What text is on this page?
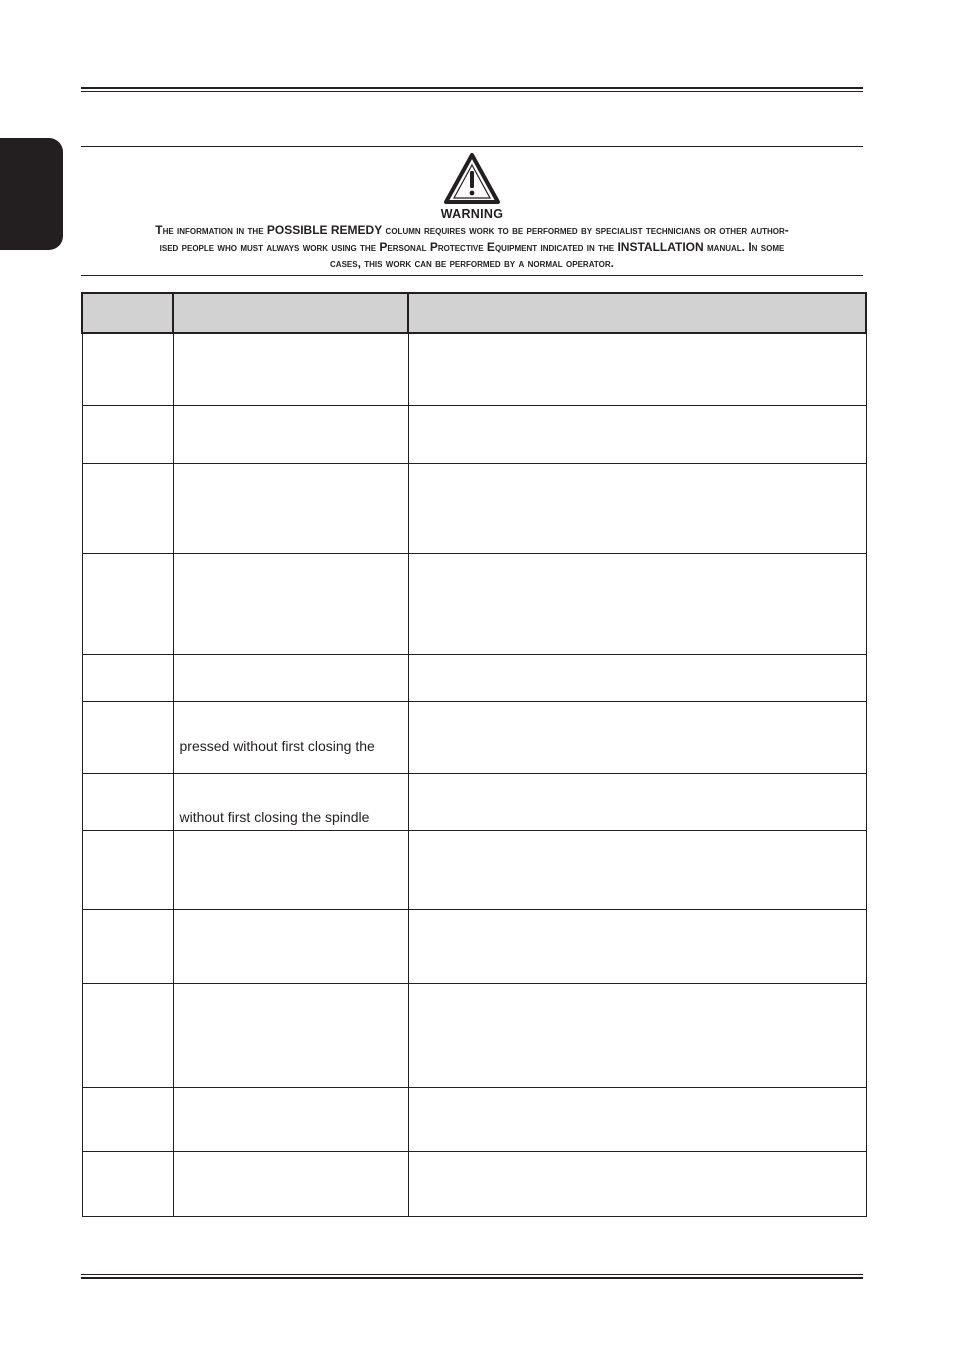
WARNING
The information in the POSSIBLE REMEDY column requires work to be performed by specialist technicians or other author-
ised people who must always work using the Personal Protective Equipment indicated in the INSTALLATION manual. In some
cases, this work can be performed by a normal operator.

	pressed without first closing the	
	without first closing the spindle	
